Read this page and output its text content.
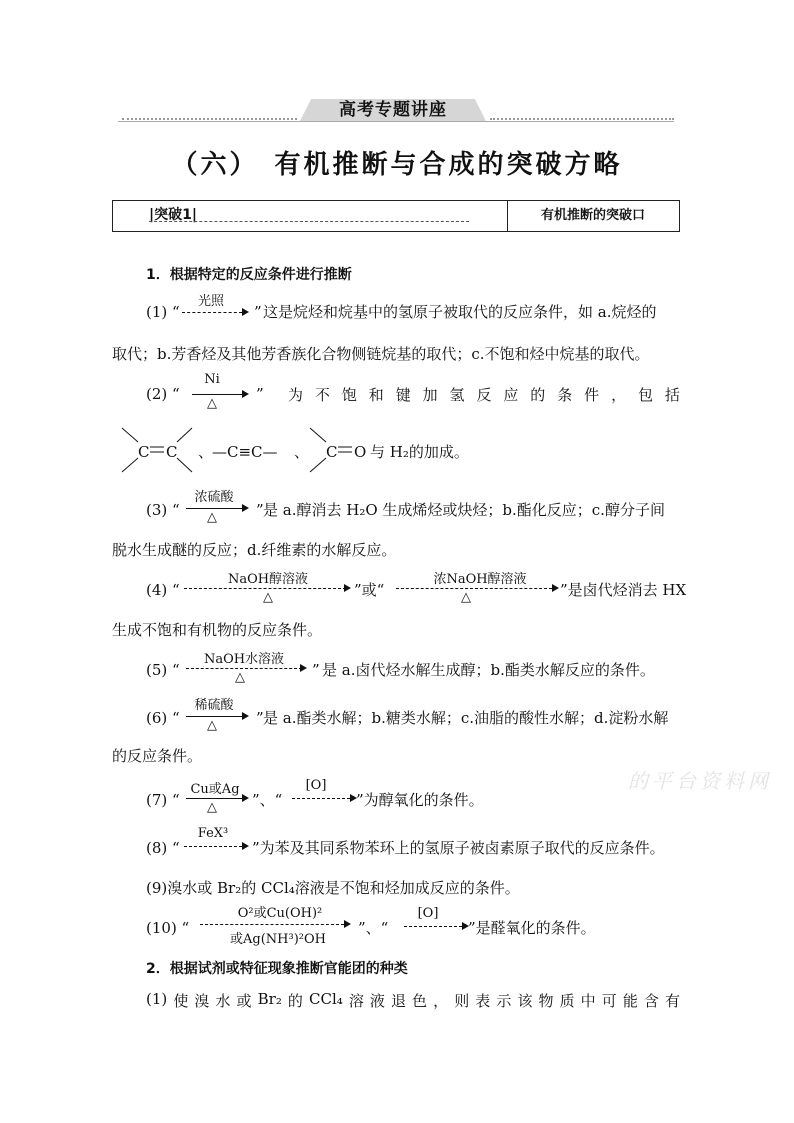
高考专题讲座
（六）　有机推断与合成的突破方略
|突破1|	有机推断的突破口
1．根据特定的反应条件进行推断
(1) “
光照
” 这是烷烃和烷基中的氢原子被取代的反应条件，如 a.烷烃的
取代；b.芳香烃及其他芳香族化合物侧链烷基的取代；c.不饱和烃中烷基的取代。
(2) “
Ni
△
” 为 不 饱 和 键 加 氢 反 应 的 条 件 ， 包 括
C C 、
—C≡C— 、 C O 与 H₂的加成。
(3) “
浓硫酸
△	” 是 a.醇消去 H₂O 生成烯烃或炔烃；b.酯化反应；c.醇分子间
脱水生成醚的反应；d.纤维素的水解反应。
(4) “
NaOH醇溶液
△	”或“
浓NaOH醇溶液
△	”是卤代烃消去 HX
生成不饱和有机物的反应条件。
(5) “
NaOH水溶液
△	” 是 a.卤代烃水解生成醇；b.酯类水解反应的条件。
(6) “
稀硫酸
△	” 是 a.酯类水解；b.糖类水解；c.油脂的酸性水解；d.淀粉水解
的反应条件。
(7) “
Cu或Ag
△	”、“
[O]
”为醇氧化的条件。
(8) “
FeX³
”为苯及其同系物苯环上的氢原子被卤素原子取代的反应条件。
(9)溴水或 Br₂的 CCl₄溶液是不饱和烃加成反应的条件。
(10) “
O²或Cu(OH)²
或Ag(NH³)²OH
”、“
[O]
”是醛氧化的条件。
2．根据试剂或特征现象推断官能团的种类
(1) 使 溴 水 或 Br₂ 的 CCl₄ 溶 液 退 色 ， 则 表 示 该 物 质 中 可 能 含 有
的平台资料网
